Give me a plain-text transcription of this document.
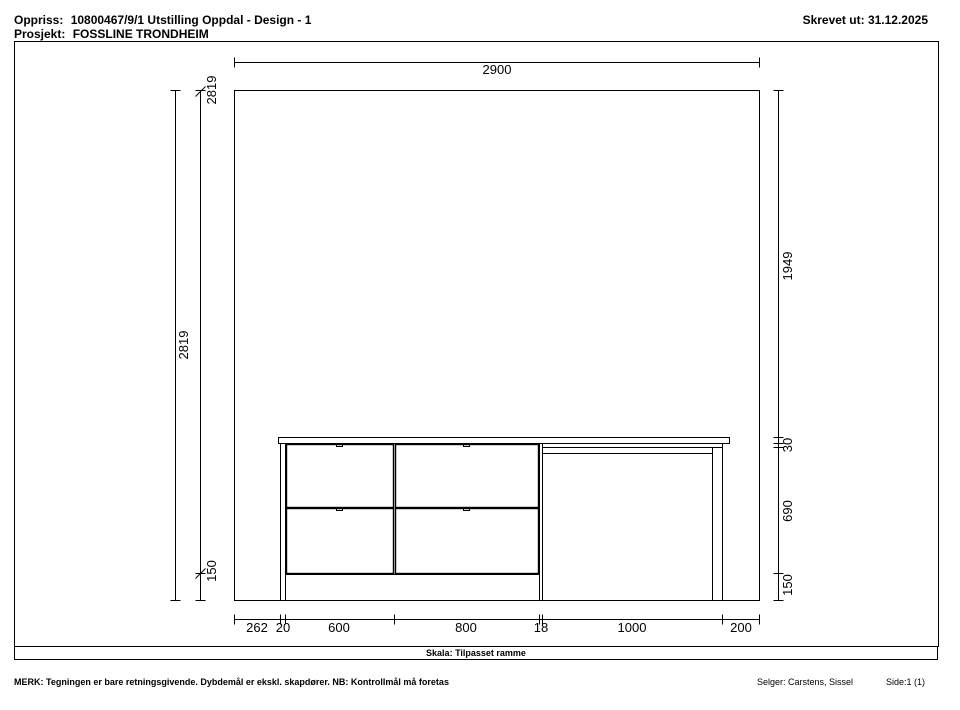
Oppriss: 10800467/9/1 Utstilling Oppdal - Design - 1
Prosjekt: FOSSLINE TRONDHEIM
Skrevet ut: 31.12.2025
2900
2819
2819
150
1949
30
690
150
262 20	600	800	18	1000	200
Skala: Tilpasset ramme
MERK: Tegningen er bare retningsgivende. Dybdemål er ekskl. skapdører. NB: Kontrollmål må foretas	Selger: Carstens, Sissel	Side:1 (1)
